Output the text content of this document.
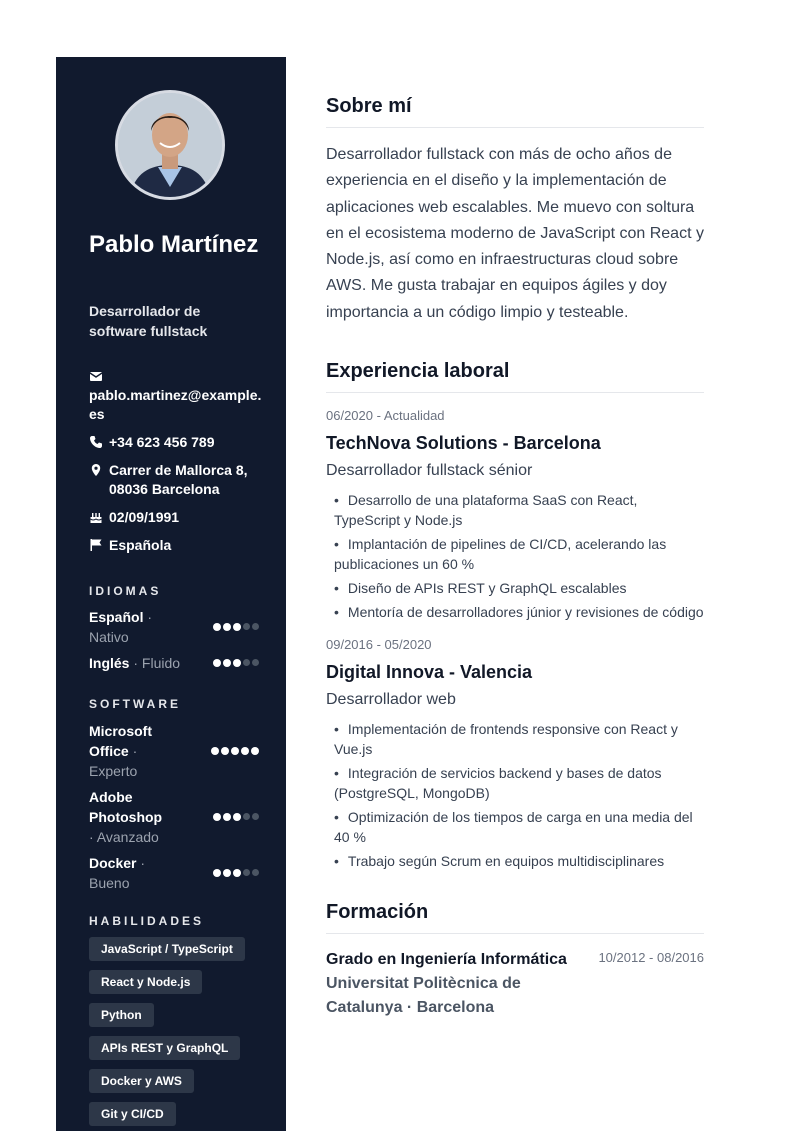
Pablo Martínez
Desarrollador de software fullstack
pablo.martinez@example.es
+34 623 456 789
Carrer de Mallorca 8, 08036 Barcelona
02/09/1991
Española
IDIOMAS
Español · Nativo
Inglés · Fluido
SOFTWARE
Microsoft Office · Experto
Adobe Photoshop · Avanzado
Docker · Bueno
HABILIDADES
JavaScript / TypeScript
React y Node.js
Python
APIs REST y GraphQL
Docker y AWS
Git y CI/CD
Sobre mí

Desarrollador fullstack con más de ocho años de experiencia en el diseño y la implementación de aplicaciones web escalables. Me muevo con soltura en el ecosistema moderno de JavaScript con React y Node.js, así como en infraestructuras cloud sobre AWS. Me gusta trabajar en equipos ágiles y doy importancia a un código limpio y testeable.

Experiencia laboral

06/2020 - Actualidad

TechNova Solutions - Barcelona

Desarrollador fullstack sénior

• Desarrollo de una plataforma SaaS con React, TypeScript y Node.js
• Implantación de pipelines de CI/CD, acelerando las publicaciones un 60 %
• Diseño de APIs REST y GraphQL escalables
• Mentoría de desarrolladores júnior y revisiones de código

09/2016 - 05/2020

Digital Innova - Valencia

Desarrollador web

• Implementación de frontends responsive con React y Vue.js
• Integración de servicios backend y bases de datos (PostgreSQL, MongoDB)
• Optimización de los tiempos de carga en una media del 40 %
• Trabajo según Scrum en equipos multidisciplinares
Formación
Grado en Ingeniería Informática 10/2012 - 08/2016
Universitat Politècnica de Catalunya · Barcelona
